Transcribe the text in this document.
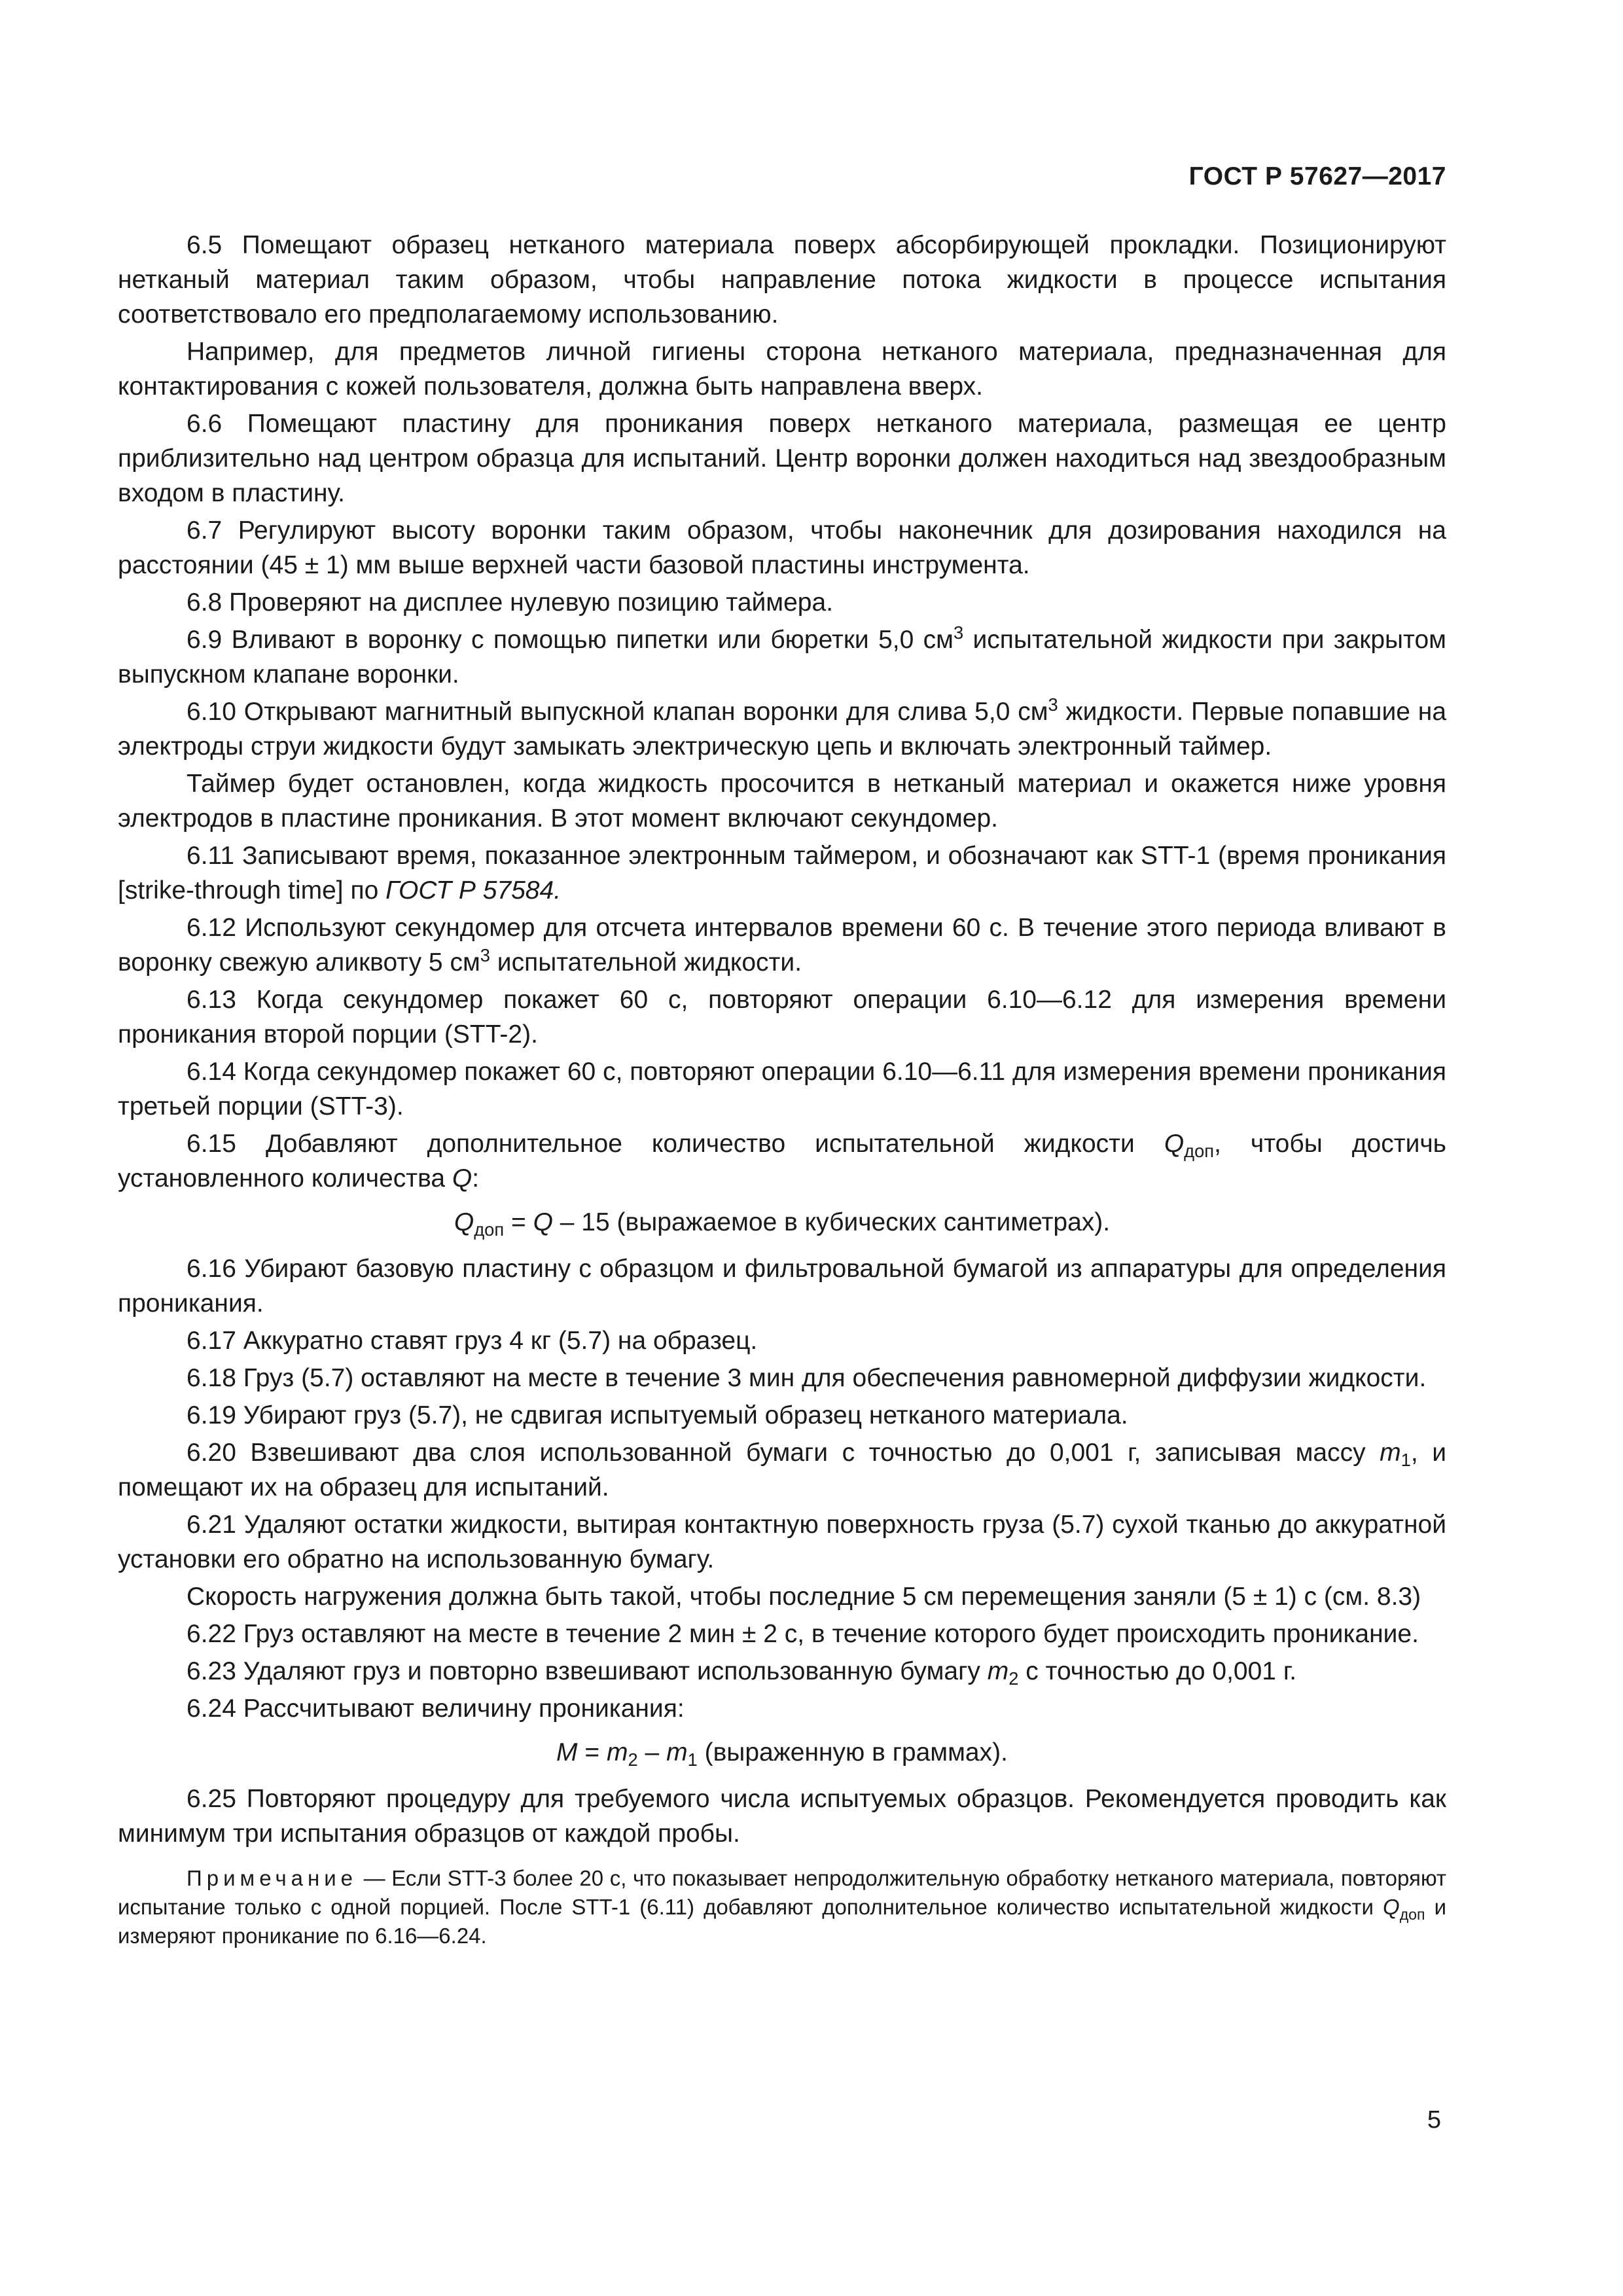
ГОСТ Р 57627—2017

6.5 Помещают образец нетканого материала поверх абсорбирующей прокладки. Позиционируют нетканый материал таким образом, чтобы направление потока жидкости в процессе испытания соответствовало его предполагаемому использованию.

Например, для предметов личной гигиены сторона нетканого материала, предназначенная для контактирования с кожей пользователя, должна быть направлена вверх.

6.6 Помещают пластину для проникания поверх нетканого материала, размещая ее центр приблизительно над центром образца для испытаний. Центр воронки должен находиться над звездообразным входом в пластину.

6.7 Регулируют высоту воронки таким образом, чтобы наконечник для дозирования находился на расстоянии (45 ± 1) мм выше верхней части базовой пластины инструмента.

6.8 Проверяют на дисплее нулевую позицию таймера.

6.9 Вливают в воронку с помощью пипетки или бюретки 5,0 $см^3$ испытательной жидкости при закрытом выпускном клапане воронки.

6.10 Открывают магнитный выпускной клапан воронки для слива 5,0 $см^3$ жидкости. Первые попавшие на электроды струи жидкости будут замыкать электрическую цепь и включать электронный таймер.

Таймер будет остановлен, когда жидкость просочится в нетканый материал и окажется ниже уровня электродов в пластине проникания. В этот момент включают секундомер.

6.11 Записывают время, показанное электронным таймером, и обозначают как STT-1 (время проникания [strike-through time] по ГОСТ Р 57584.

6.12 Используют секундомер для отсчета интервалов времени 60 с. В течение этого периода вливают в воронку свежую аликвоту 5 $см^3$ испытательной жидкости.

6.13 Когда секундомер покажет 60 с, повторяют операции 6.10—6.12 для измерения времени проникания второй порции (STT-2).

6.14 Когда секундомер покажет 60 с, повторяют операции 6.10—6.11 для измерения времени проникания третьей порции (STT-3).

6.15 Добавляют дополнительное количество испытательной жидкости $Q_{доп}$, чтобы достичь установленного количества Q:

$Q_{доп} = Q - 15$ (выражаемое в кубических сантиметрах).

6.16 Убирают базовую пластину с образцом и фильтровальной бумагой из аппаратуры для определения проникания.

6.17 Аккуратно ставят груз 4 кг (5.7) на образец.

6.18 Груз (5.7) оставляют на месте в течение 3 мин для обеспечения равномерной диффузии жидкости.

6.19 Убирают груз (5.7), не сдвигая испытуемый образец нетканого материала.

6.20 Взвешивают два слоя использованной бумаги с точностью до 0,001 г, записывая массу $m_1$, и помещают их на образец для испытаний.

6.21 Удаляют остатки жидкости, вытирая контактную поверхность груза (5.7) сухой тканью до аккуратной установки его обратно на использованную бумагу.

Скорость нагружения должна быть такой, чтобы последние 5 см перемещения заняли (5 ± 1) с (см. 8.3)

6.22 Груз оставляют на месте в течение 2 мин ± 2 с, в течение которого будет происходить проникание.

6.23 Удаляют груз и повторно взвешивают использованную бумагу $m_2$ с точностью до 0,001 г.

6.24 Рассчитывают величину проникания:

$M = m_2 - m_1$ (выраженную в граммах).

6.25 Повторяют процедуру для требуемого числа испытуемых образцов. Рекомендуется проводить как минимум три испытания образцов от каждой пробы.

Примечание — Если STT-3 более 20 с, что показывает непродолжительную обработку нетканого материала, повторяют испытание только с одной порцией. После STT-1 (6.11) добавляют дополнительное количество испытательной жидкости $Q_{доп}$ и измеряют проникание по 6.16—6.24.

5
